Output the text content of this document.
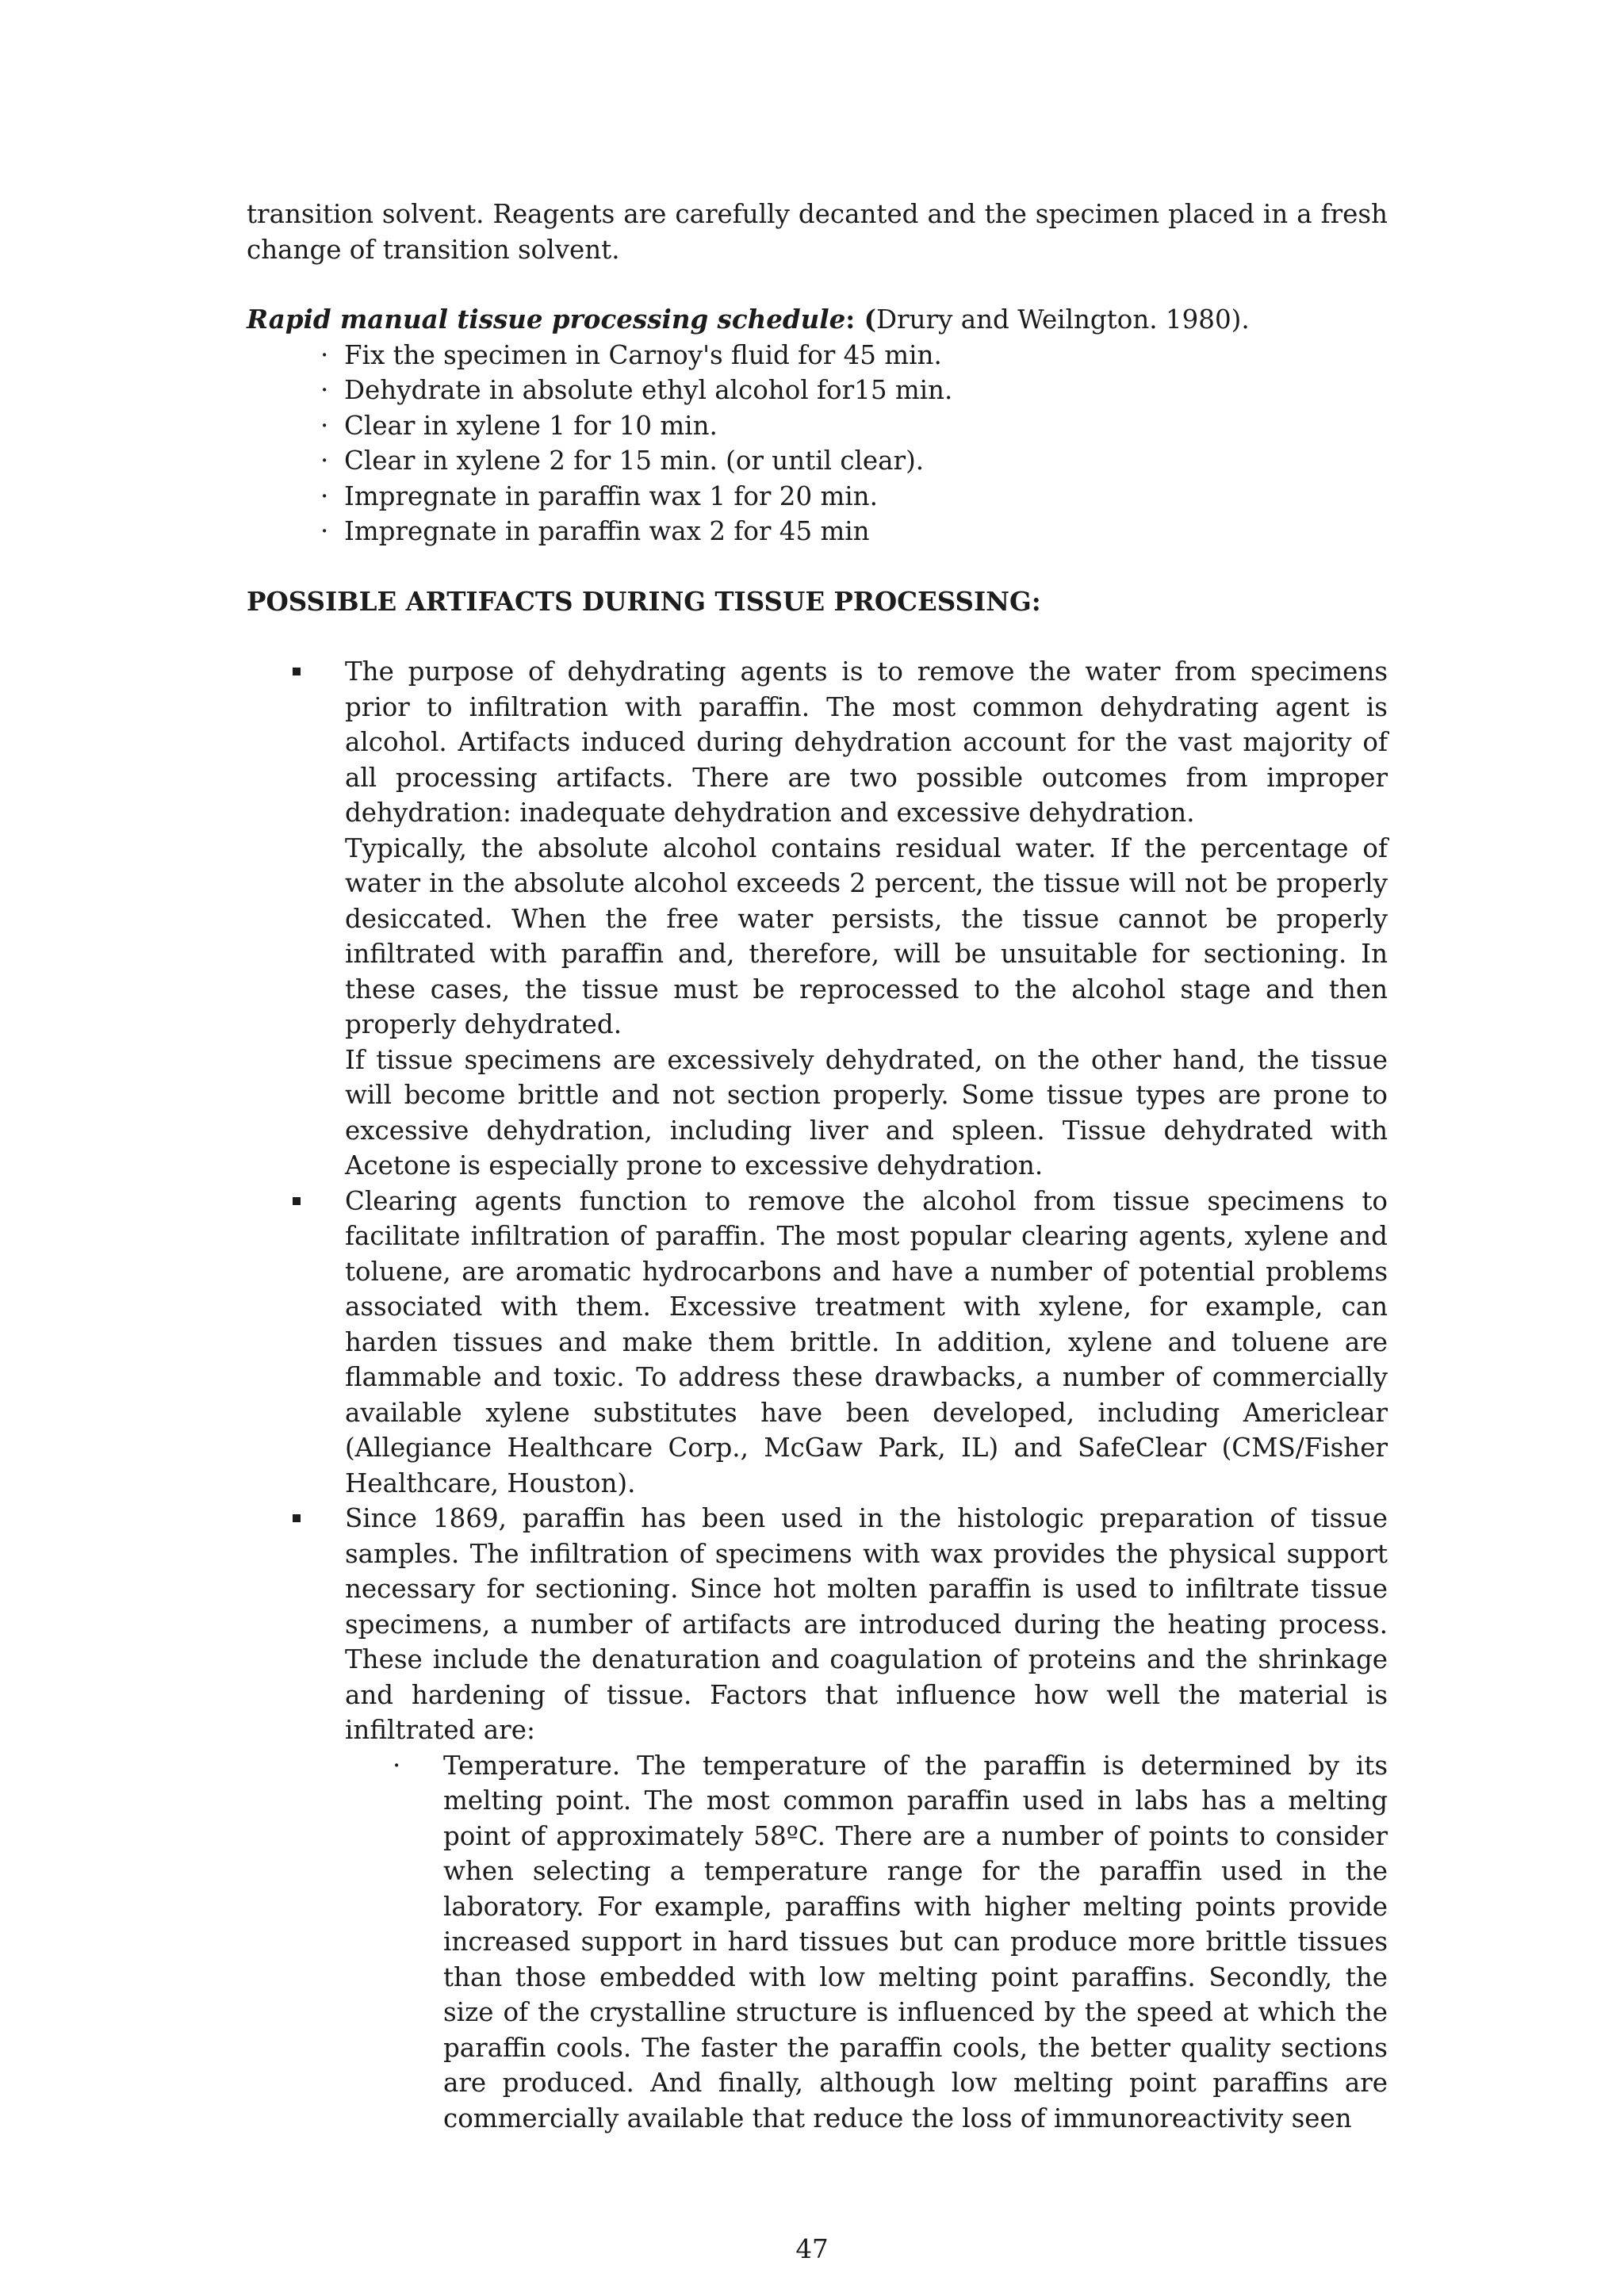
transition solvent. Reagents are carefully decanted and the specimen placed in a fresh change of transition solvent.

Rapid manual tissue processing schedule: (Drury and Weilngton. 1980).
· Fix the specimen in Carnoy's fluid for 45 min.
· Dehydrate in absolute ethyl alcohol for15 min.
· Clear in xylene 1 for 10 min.
· Clear in xylene 2 for 15 min. (or until clear).
· Impregnate in paraffin wax 1 for 20 min.
· Impregnate in paraffin wax 2 for 45 min
POSSIBLE ARTIFACTS DURING TISSUE PROCESSING:

The purpose of dehydrating agents is to remove the water from specimens prior to infiltration with paraffin. The most common dehydrating agent is alcohol. Artifacts induced during dehydration account for the vast majority of all processing artifacts. There are two possible outcomes from improper dehydration: inadequate dehydration and excessive dehydration.

Typically, the absolute alcohol contains residual water. If the percentage of water in the absolute alcohol exceeds 2 percent, the tissue will not be properly desiccated. When the free water persists, the tissue cannot be properly infiltrated with paraffin and, therefore, will be unsuitable for sectioning. In these cases, the tissue must be reprocessed to the alcohol stage and then properly dehydrated.

If tissue specimens are excessively dehydrated, on the other hand, the tissue will become brittle and not section properly. Some tissue types are prone to excessive dehydration, including liver and spleen. Tissue dehydrated with Acetone is especially prone to excessive dehydration.

Clearing agents function to remove the alcohol from tissue specimens to facilitate infiltration of paraffin. The most popular clearing agents, xylene and toluene, are aromatic hydrocarbons and have a number of potential problems associated with them. Excessive treatment with xylene, for example, can harden tissues and make them brittle. In addition, xylene and toluene are flammable and toxic. To address these drawbacks, a number of commercially available xylene substitutes have been developed, including Americlear (Allegiance Healthcare Corp., McGaw Park, IL) and SafeClear (CMS/Fisher Healthcare, Houston).

Since 1869, paraffin has been used in the histologic preparation of tissue samples. The infiltration of specimens with wax provides the physical support necessary for sectioning. Since hot molten paraffin is used to infiltrate tissue specimens, a number of artifacts are introduced during the heating process. These include the denaturation and coagulation of proteins and the shrinkage and hardening of tissue. Factors that influence how well the material is infiltrated are:

· Temperature. The temperature of the paraffin is determined by its melting point. The most common paraffin used in labs has a melting point of approximately 58ºC. There are a number of points to consider when selecting a temperature range for the paraffin used in the laboratory. For example, paraffins with higher melting points provide increased support in hard tissues but can produce more brittle tissues than those embedded with low melting point paraffins. Secondly, the size of the crystalline structure is influenced by the speed at which the paraffin cools. The faster the paraffin cools, the better quality sections are produced. And finally, although low melting point paraffins are commercially available that reduce the loss of immunoreactivity seen

47
